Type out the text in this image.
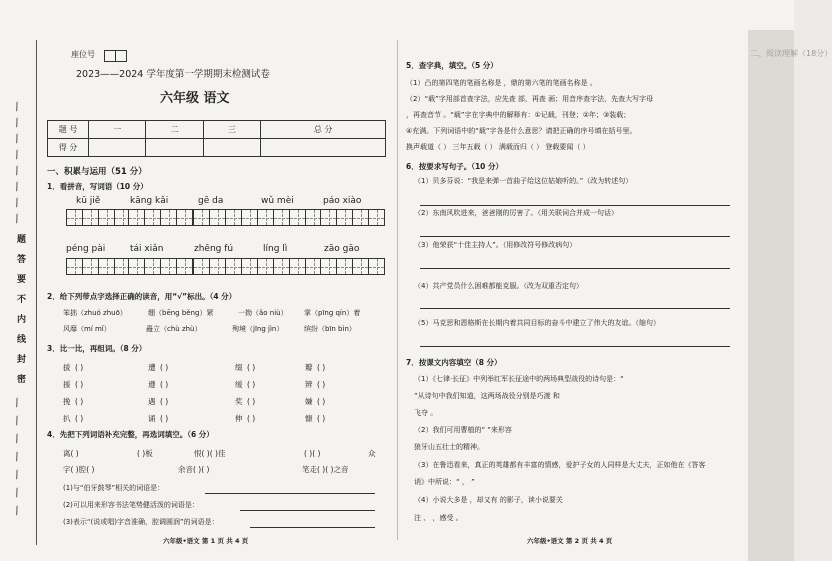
/
/
/
/
/
/
/
/
题
答
要
不
内
线
封
密
/
/
/
/
/
/
/
座位号
2023——2024 学年度第一学期期末检测试卷
六年级 语文
题 号	一	二	三	总 分
得 分				
一、积累与运用（51 分）
1．看拼音，写词语（10 分）
kū jiě	kāng kǎi	gē da	wǔ mèi	páo xiào
péng pài	tái xiǎn	zhēng fú	líng lì	zāo gāo
2．给下列带点字选择正确的读音，用“√”标出。（4 分）
笨拙（zhuó zhuō）	绷（bēng běng）紧	一拗（ǎo niù） 掌（pīng qín）着
风靡（mí mǐ）	矗立（chù zhù）	殉境（jīng jìn）	缤纷（bīn bìn）
3．比一比，再组词。（8 分）
拔 ( )	遭 ( )	缀 ( )	瓣 ( )
援 ( )	遵 ( )	缓 ( )	辨 ( )
挽 ( )	遇 ( )	奖 ( )	嫌 ( )
扒 ( )	诵 ( )	伸 ( )	慷 ( )
4．先把下列词语补充完整，再选词填空。（6 分）
离( )	( )板	恨( )( )佳	( )( )	众
字( )腔( )	余音( )( )	笔走( )( )之音
(1)与“伯牙鼓琴”相关的词语是：
(2)可以用来形容书法笔势健活泼的词语是：
(3)表示“(说或唱)字音准确，腔调圆润”的词语是：
六年级•语文 第 1 页 共 4 页
5．查字典，填空。（5 分）
（1）凸的第四笔的笔画名称是 ，鼎的第六笔的笔画名称是 。
（2）“载”字用部首查字法，应先查 部，再查 画；用音序查字法，先查大写字母
，再查音节 。“载”字在字典中的解释有：①记载，刊登；②年；③装载；
④充满。下列词语中的“载”字各是什么意思？请把正确的序号填在括号里。
换声载道（ ） 三年五载（ ） 满载而归（ ） 登载要闻（ ）
6．按要求写句子。（10 分）
（1）贝多芬说：“我是来弹一首曲子给这位姑娘听的。”（改为转述句）
（2）东南风吹进来，爸爸刚的厉害了。（用关联词合并成一句话）
（3）他荣获“十佳主持人”。（用修改符号修改病句）
（4）共产党员什么困难都能克服。（改为双重否定句）
（5）马克思和恩格斯在长期内着共同目标的奋斗中建立了伟大的友谊。（缩句）
7．按课文内容填空（8 分）
（1）《七律·长征》中列举红军长征途中的两场典型战役的诗句是：“
”从诗句中我们知道，这两场战役分别是巧渡 和
飞夺 。
（2）我们可用曹植的“ ”来形容
狼牙山五壮士的精神。
（3）在鲁迅看来，真正的英雄都有丰富的情感，爱护子女的人同样是大丈夫，正如他在《答客
诮》中所说：“ ， ”
（4）小说大多是 ，却又有 的影子，读小说要关
注 、 ，感受 。
六年级•语文 第 2 页 共 4 页
二、阅读理解（18分）
